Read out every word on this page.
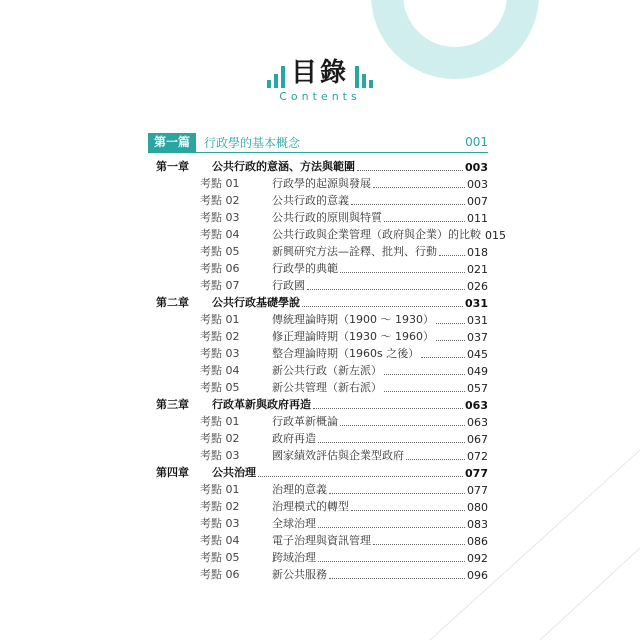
目錄
Contents
第一篇	行政學的基本概念	001
第一章	公共行政的意涵、方法與範圍	003
考點 01	行政學的起源與發展	003
考點 02	公共行政的意義	007
考點 03	公共行政的原則與特質	011
考點 04	公共行政與企業管理（政府與企業）的比較 015
考點 05	新興研究方法—詮釋、批判、行動	018
考點 06	行政學的典範	021
考點 07	行政國	026
第二章	公共行政基礎學說	031
考點 01	傳統理論時期（1900 ～ 1930）	031
考點 02	修正理論時期（1930 ～ 1960）	037
考點 03	整合理論時期（1960s 之後）	045
考點 04	新公共行政（新左派）	049
考點 05	新公共管理（新右派）	057
第三章	行政革新與政府再造	063
考點 01	行政革新概論	063
考點 02	政府再造	067
考點 03	國家績效評估與企業型政府	072
第四章	公共治理	077
考點 01	治理的意義	077
考點 02	治理模式的轉型	080
考點 03	全球治理	083
考點 04	電子治理與資訊管理	086
考點 05	跨域治理	092
考點 06	新公共服務	096
